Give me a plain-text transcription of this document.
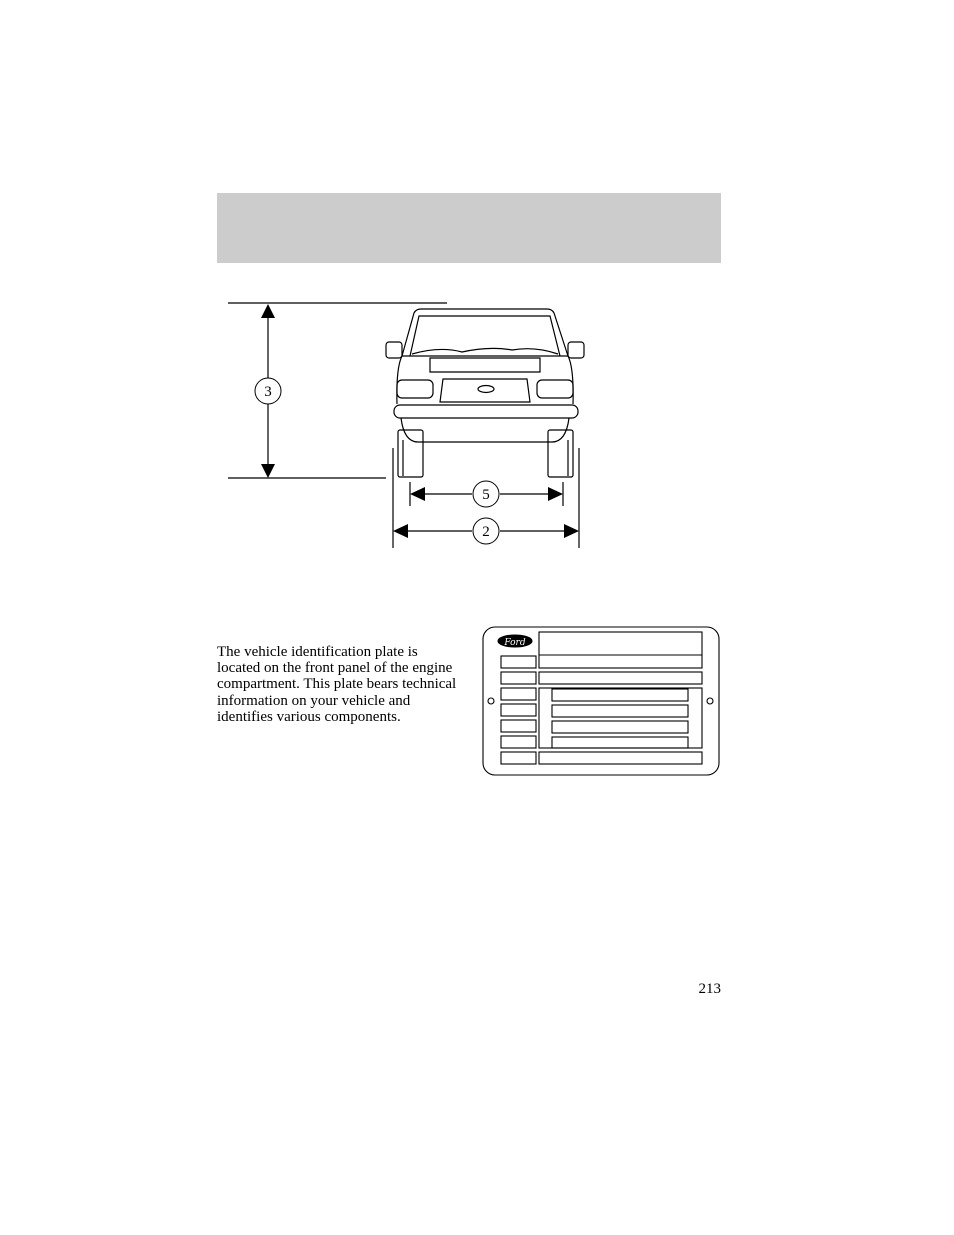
3
5
2
Ford

The vehicle identification plate is located on the front panel of the engine compartment. This plate bears technical information on your vehicle and identifies various components.

213
